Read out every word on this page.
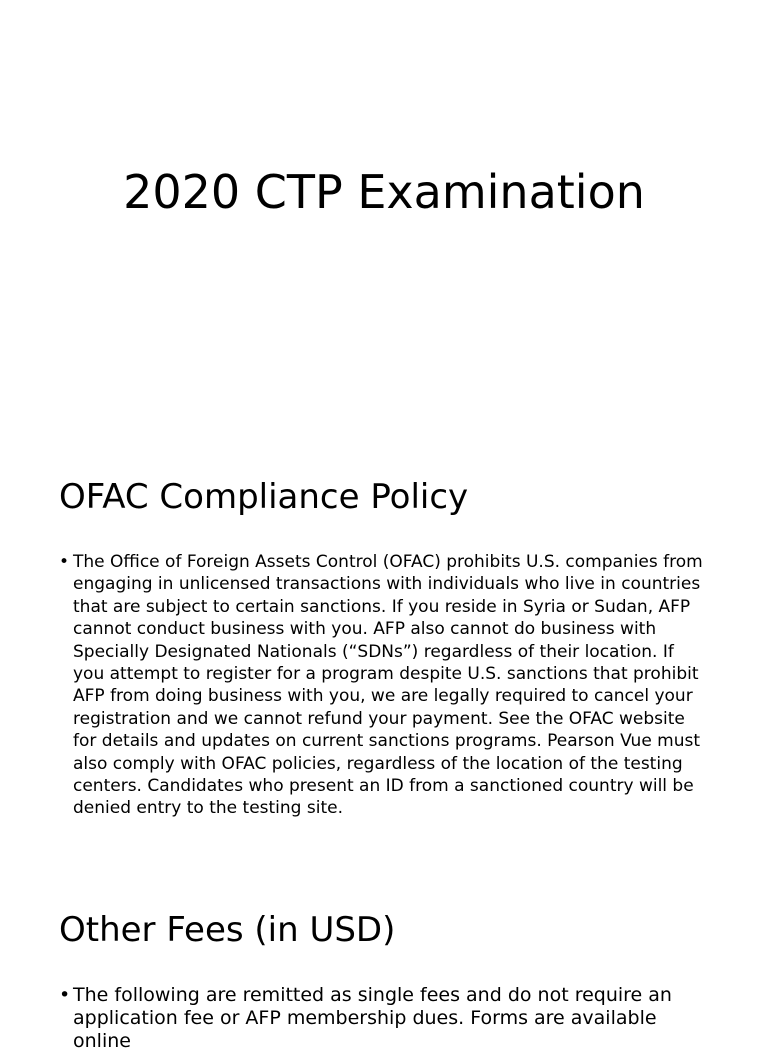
2020 CTP Examination
OFAC Compliance Policy
• The Office of Foreign Assets Control (OFAC) prohibits U.S. companies from engaging in unlicensed transactions with individuals who live in countries that are subject to certain sanctions. If you reside in Syria or Sudan, AFP cannot conduct business with you. AFP also cannot do business with Specially Designated Nationals (“SDNs”) regardless of their location. If you attempt to register for a program despite U.S. sanctions that prohibit AFP from doing business with you, we are legally required to cancel your registration and we cannot refund your payment. See the OFAC website for details and updates on current sanctions programs. Pearson Vue must also comply with OFAC policies, regardless of the location of the testing centers. Candidates who present an ID from a sanctioned country will be denied entry to the testing site.
Other Fees (in USD)
• The following are remitted as single fees and do not require an application fee or AFP membership dues. Forms are available online
